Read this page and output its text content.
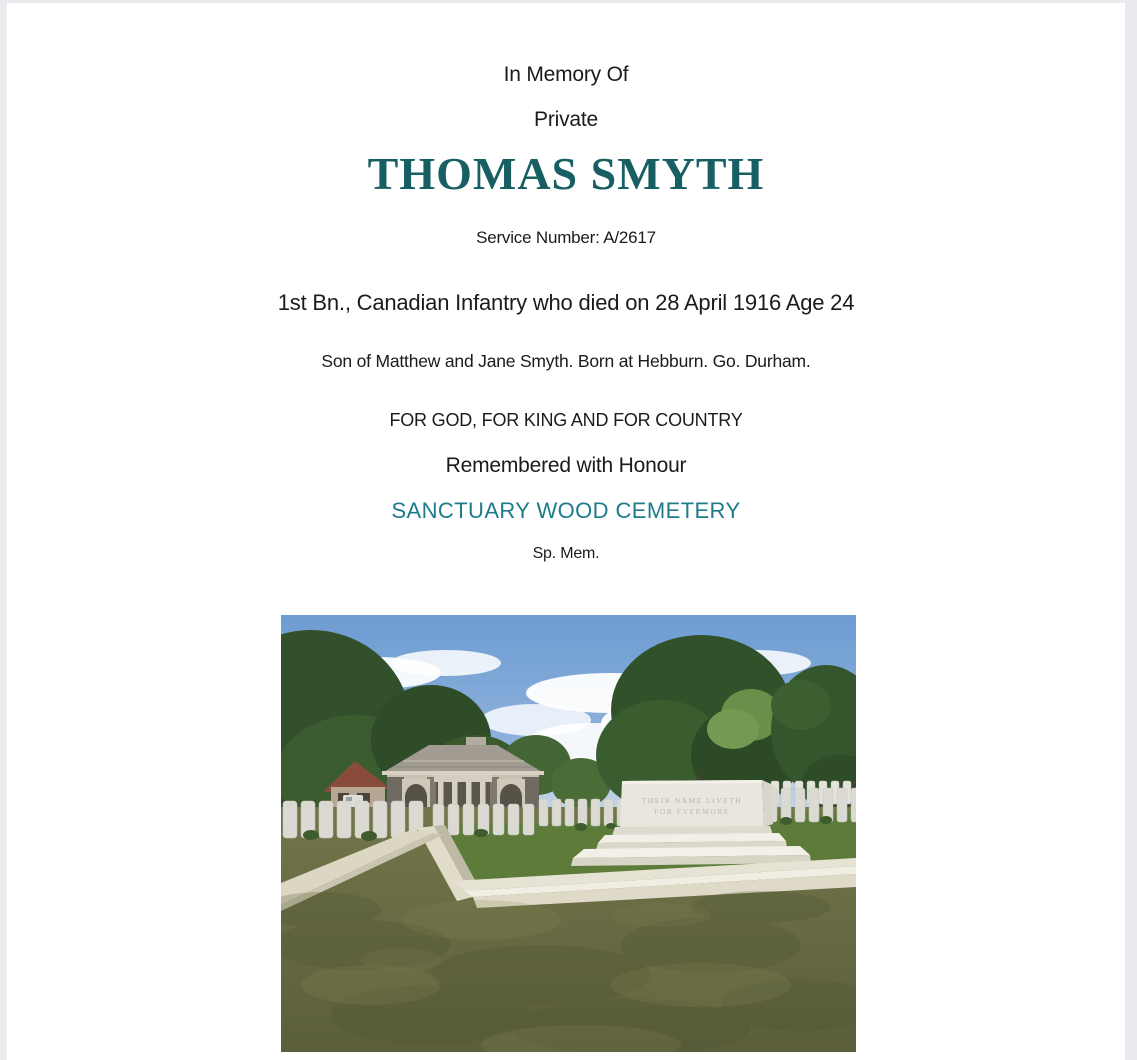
In Memory Of
Private
THOMAS SMYTH
Service Number: A/2617
1st Bn., Canadian Infantry who died on 28 April 1916 Age 24
Son of Matthew and Jane Smyth. Born at Hebburn. Go. Durham.
FOR GOD, FOR KING AND FOR COUNTRY
Remembered with Honour
SANCTUARY WOOD CEMETERY
Sp. Mem.
THEIR NAME LIVETH
FOR EVERMORE
